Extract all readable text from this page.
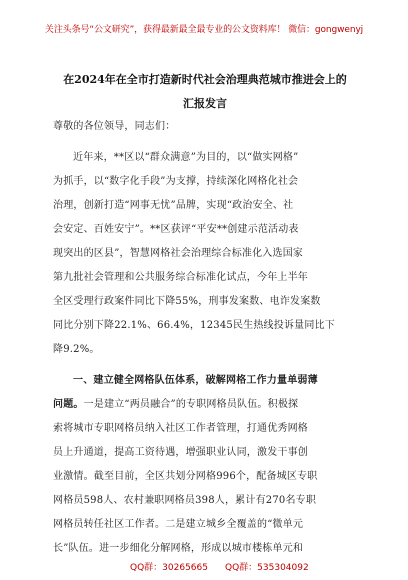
关注头条号“公文研究”，获得最新最全最专业的公文资料库！ 微信：gongwenyj
在2024年在全市打造新时代社会治理典范城市推进会上的
汇报发言
尊敬的各位领导，同志们：
近年来，**区以“群众满意”为目的，以“做实网格”
为抓手，以“数字化手段”为支撑，持续深化网格化社会
治理，创新打造“网事无忧”品牌，实现“政治安全、社
会安定、百姓安宁”。**区获评“平安**创建示范活动表
现突出的区县”，智慧网格社会治理综合标准化入选国家
第九批社会管理和公共服务综合标准化试点，今年上半年
全区受理行政案件同比下降55%，刑事发案数、电诈发案数
同比分别下降22.1%、66.4%，12345民生热线投诉量同比下
降9.2%。
一、建立健全网格队伍体系，破解网格工作力量单弱薄
问题。一是建立“两员融合”的专职网格员队伍。积极探
索将城市专职网格员纳入社区工作者管理，打通优秀网格
员上升通道，提高工资待遇，增强职业认同，激发干事创
业激情。截至目前，全区共划分网格996个，配备城区专职
网格员598人、农村兼职网格员398人，累计有270名专职
网格员转任社区工作者。二是建立城乡全覆盖的“微单元
长”队伍。进一步细化分解网格，形成以城市楼栋单元和
QQ群：30265665 QQ群：535304092
